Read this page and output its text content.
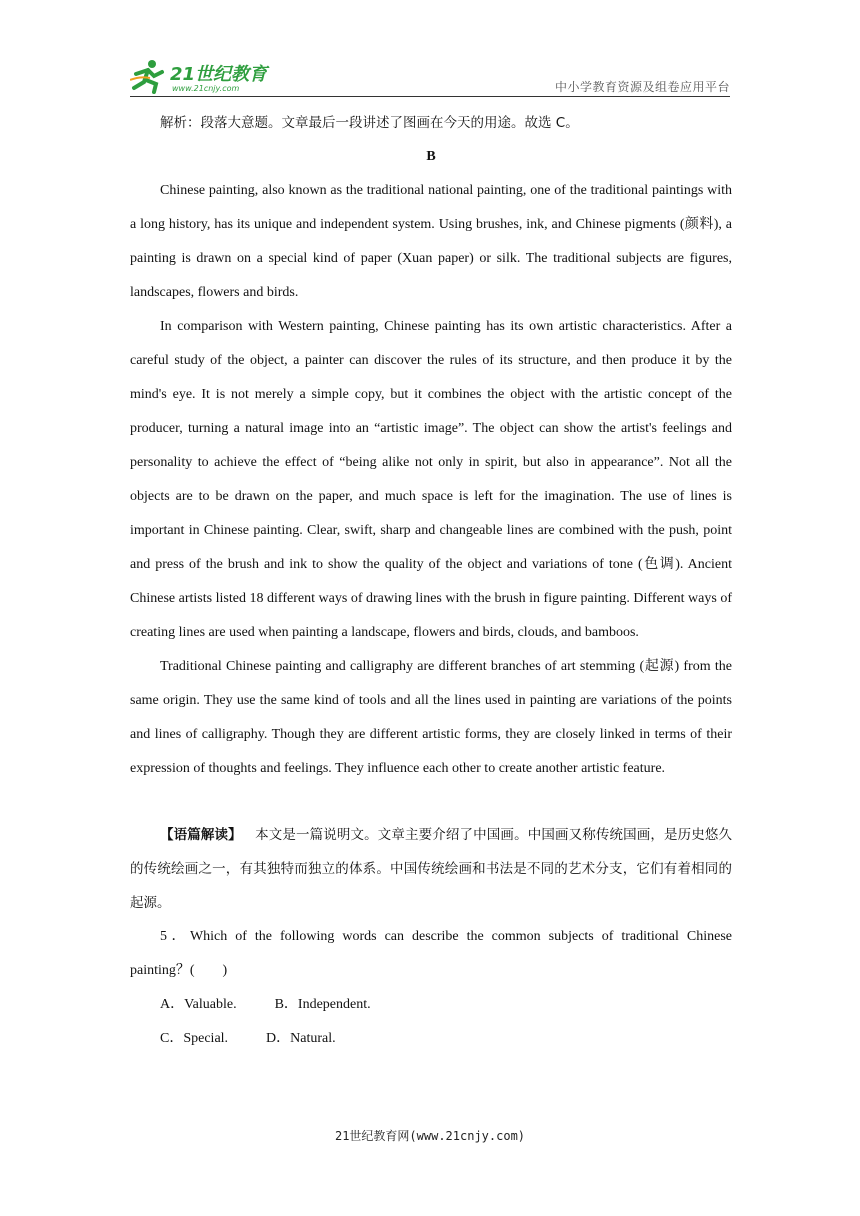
21世纪教育
www.21cnjy.com	中小学教育资源及组卷应用平台

解析：段落大意题。文章最后一段讲述了图画在今天的用途。故选 C。

B

Chinese painting, also known as the traditional national painting, one of the traditional paintings with a long history, has its unique and independent system. Using brushes, ink, and Chinese pigments (颜料), a painting is drawn on a special kind of paper (Xuan paper) or silk. The traditional subjects are figures, landscapes, flowers and birds.

In comparison with Western painting, Chinese painting has its own artistic characteristics. After a careful study of the object, a painter can discover the rules of its structure, and then produce it by the mind's eye. It is not merely a simple copy, but it combines the object with the artistic concept of the producer, turning a natural image into an “artistic image”. The object can show the artist's feelings and personality to achieve the effect of “being alike not only in spirit, but also in appearance”. Not all the objects are to be drawn on the paper, and much space is left for the imagination. The use of lines is important in Chinese painting. Clear, swift, sharp and changeable lines are combined with the push, point and press of the brush and ink to show the quality of the object and variations of tone (色调). Ancient Chinese artists listed 18 different ways of drawing lines with the brush in figure painting. Different ways of creating lines are used when painting a landscape, flowers and birds, clouds, and bamboos.

Traditional Chinese painting and calligraphy are different branches of art stemming (起源) from the same origin. They use the same kind of tools and all the lines used in painting are variations of the points and lines of calligraphy. Though they are different artistic forms, they are closely linked in terms of their expression of thoughts and feelings. They influence each other to create another artistic feature.

【语篇解读】 本文是一篇说明文。文章主要介绍了中国画。中国画又称传统国画，是历史悠久的传统绘画之一，有其独特而独立的体系。中国传统绘画和书法是不同的艺术分支，它们有着相同的起源。

5．Which of the following words can describe the common subjects of traditional Chinese painting？(　　)

A．Valuable.	B．Independent.
C．Special.	D．Natural.
21世纪教育网(www.21cnjy.com)
